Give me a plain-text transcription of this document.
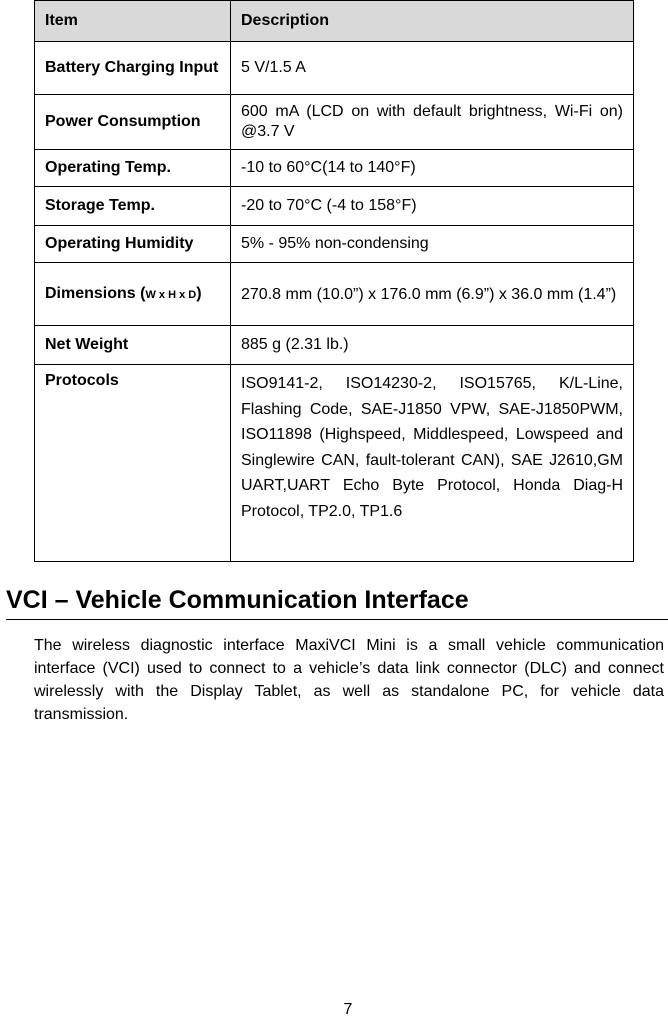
Item	Description
Battery Charging Input	5 V/1.5 A
Power Consumption	600 mA (LCD on with default brightness, Wi-Fi on) @3.7 V
Operating Temp.	-10 to 60°C(14 to 140°F)
Storage Temp.	-20 to 70°C (-4 to 158°F)
Operating Humidity	5% - 95% non-condensing
Dimensions (W x H x D)	270.8 mm (10.0”) x 176.0 mm (6.9”) x 36.0 mm (1.4”)
Net Weight	885 g (2.31 lb.)
Protocols	ISO9141-2, ISO14230-2, ISO15765, K/L-Line, Flashing Code, SAE-J1850 VPW, SAE-J1850PWM, ISO11898 (Highspeed, Middlespeed, Lowspeed and Singlewire CAN, fault-tolerant CAN), SAE J2610,GM UART,UART Echo Byte Protocol, Honda Diag-H Protocol, TP2.0, TP1.6
VCI – Vehicle Communication Interface

The wireless diagnostic interface MaxiVCI Mini is a small vehicle communication interface (VCI) used to connect to a vehicle’s data link connector (DLC) and connect wirelessly with the Display Tablet, as well as standalone PC, for vehicle data transmission.

7
